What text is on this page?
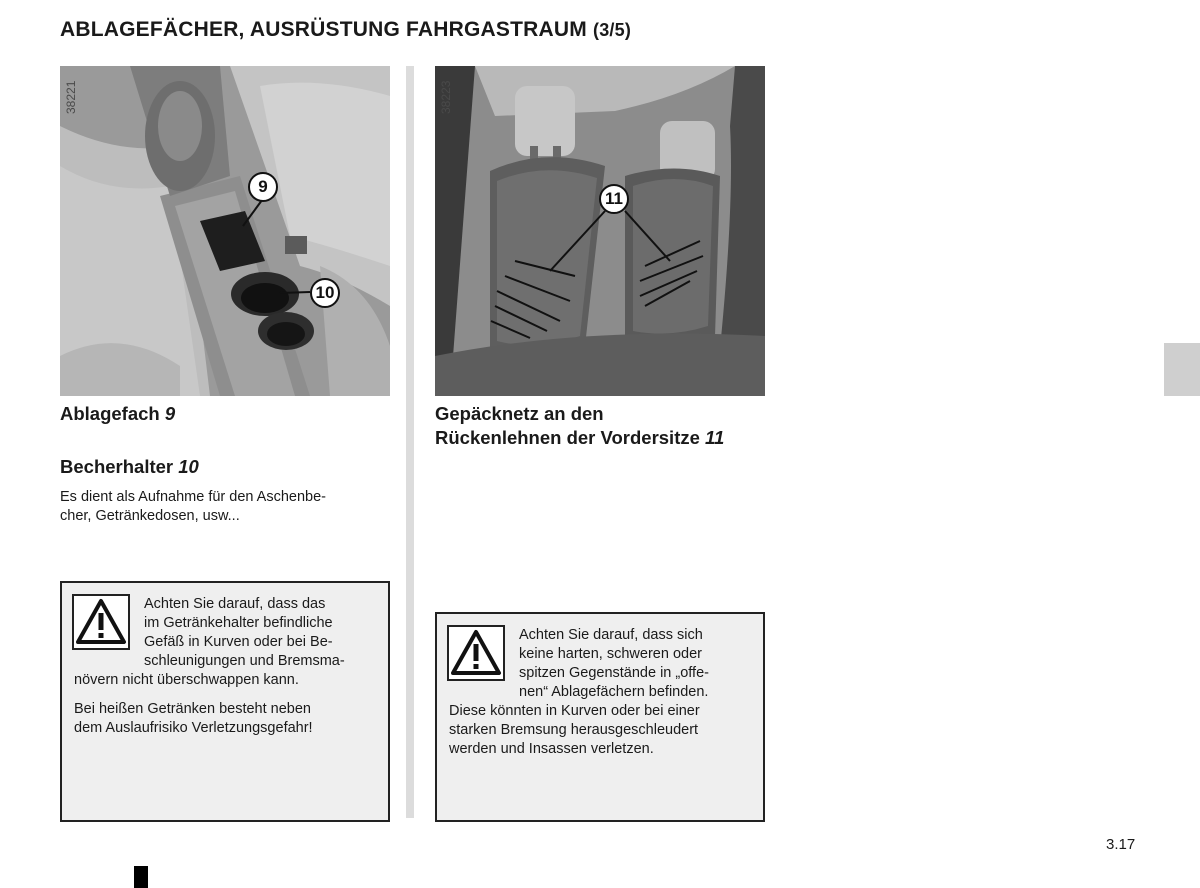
ABLAGEFÄCHER, AUSRÜSTUNG FAHRGASTRAUM (3/5)
38221
9
10
38223
11
Ablagefach 9
Becherhalter 10
Es dient als Aufnahme für den Aschenbe-
cher, Getränkedosen, usw...
Achten Sie darauf, dass das
im Getränkehalter befindliche
Gefäß in Kurven oder bei Be-
schleunigungen und Bremsma-
növern nicht überschwappen kann.
Bei heißen Getränken besteht neben
dem Auslaufrisiko Verletzungsgefahr!
Gepäcknetz an den
Rückenlehnen der Vordersitze 11
Achten Sie darauf, dass sich
keine harten, schweren oder
spitzen Gegenstände in „offe-
nen“ Ablagefächern befinden.
Diese könnten in Kurven oder bei einer
starken Bremsung herausgeschleudert
werden und Insassen verletzen.
3.17
